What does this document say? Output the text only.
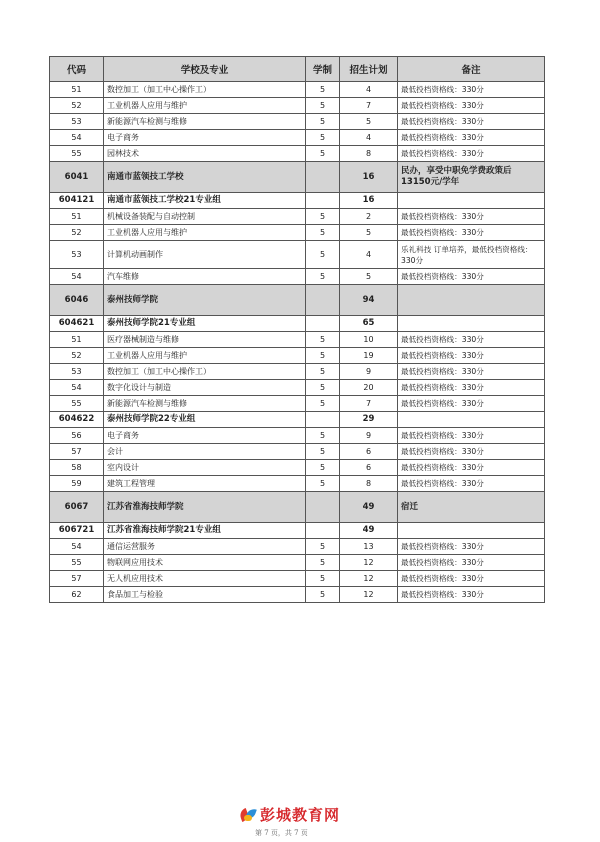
代码	学校及专业	学制	招生计划	备注
51	数控加工（加工中心操作工）	5	4	最低投档资格线：330分
52	工业机器人应用与维护	5	7	最低投档资格线：330分
53	新能源汽车检测与维修	5	5	最低投档资格线：330分
54	电子商务	5	4	最低投档资格线：330分
55	园林技术	5	8	最低投档资格线：330分
6041	南通市蓝领技工学校		16	民办，享受中职免学费政策后13150元/学年
604121	南通市蓝领技工学校21专业组		16	
51	机械设备装配与自动控制	5	2	最低投档资格线：330分
52	工业机器人应用与维护	5	5	最低投档资格线：330分
53	计算机动画制作	5	4	乐礼科技 订单培养，最低投档资格线：330分
54	汽车维修	5	5	最低投档资格线：330分
6046	泰州技师学院		94	
604621	泰州技师学院21专业组		65	
51	医疗器械制造与维修	5	10	最低投档资格线：330分
52	工业机器人应用与维护	5	19	最低投档资格线：330分
53	数控加工（加工中心操作工）	5	9	最低投档资格线：330分
54	数字化设计与制造	5	20	最低投档资格线：330分
55	新能源汽车检测与维修	5	7	最低投档资格线：330分
604622	泰州技师学院22专业组		29	
56	电子商务	5	9	最低投档资格线：330分
57	会计	5	6	最低投档资格线：330分
58	室内设计	5	6	最低投档资格线：330分
59	建筑工程管理	5	8	最低投档资格线：330分
6067	江苏省淮海技师学院		49	宿迁
606721	江苏省淮海技师学院21专业组		49	
54	通信运营服务	5	13	最低投档资格线：330分
55	物联网应用技术	5	12	最低投档资格线：330分
57	无人机应用技术	5	12	最低投档资格线：330分
62	食品加工与检验	5	12	最低投档资格线：330分
彭城教育网
第 7 页，共 7 页
